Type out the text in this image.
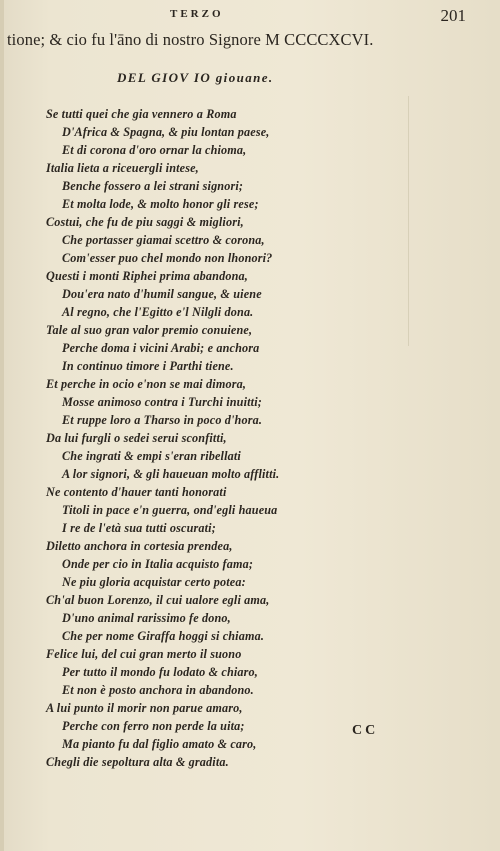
TERZO	201
tione; & cio fu l'āno di nostro Signore M CCCCXCVI.
DEL GIOV IO giouane.
Se tutti quei che gia vennero a Roma
D'Africa & Spagna, & piu lontan paese,
Et di corona d'oro ornar la chioma,
Italia lieta a riceuergli intese,
Benche fossero a lei strani signori;
Et molta lode, & molto honor gli rese;
Costui, che fu de piu saggi & migliori,
Che portasser giamai scettro & corona,
Com'esser puo chel mondo non lhonori?
Questi i monti Riphei prima abandona,
Dou'era nato d'humil sangue, & uiene
Al regno, che l'Egitto e'l Nilgli dona.
Tale al suo gran valor premio conuiene,
Perche doma i vicini Arabi; e anchora
In continuo timore i Parthi tiene.
Et perche in ocio e'non se mai dimora,
Mosse animoso contra i Turchi inuitti;
Et ruppe loro a Tharso in poco d'hora.
Da lui furgli o sedei serui sconfitti,
Che ingrati & empi s'eran ribellati
A lor signori, & gli haueuan molto afflitti.
Ne contento d'hauer tanti honorati
Titoli in pace e'n guerra, ond'egli haueua
I re de l'età sua tutti oscurati;
Diletto anchora in cortesia prendea,
Onde per cio in Italia acquisto fama;
Ne piu gloria acquistar certo potea:
Ch'al buon Lorenzo, il cui ualore egli ama,
D'uno animal rarissimo fe dono,
Che per nome Giraffa hoggi si chiama.
Felice lui, del cui gran merto il suono
Per tutto il mondo fu lodato & chiaro,
Et non è posto anchora in abandono.
A lui punto il morir non parue amaro,
Perche con ferro non perde la uita;
Ma pianto fu dal figlio amato & caro,
Chegli die sepoltura alta & gradita.
CC
